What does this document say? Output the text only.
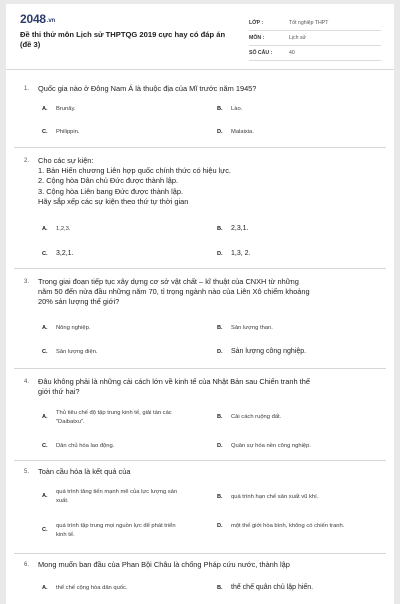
2048.vn
Đề thi thử môn Lịch sử THPTQG 2019 cực hay có đáp án (đề 3)
LỚP :	Tốt nghiệp THPT
MÔN :	Lịch sử
SỐ CÂU :	40
1. Quốc gia nào ở Đông Nam Á là thuộc địa của Mĩ trước năm 1945?
A.	Brunây.	B.	Lào.
C.	Philippin.	D.	Malaixia.
2. Cho các sự kiện:
1. Bản Hiến chương Liên hợp quốc chính thức có hiệu lực.
2. Cộng hòa Dân chủ Đức được thành lập.
3. Cộng hòa Liên bang Đức được thành lập.
Hãy sắp xếp các sự kiện theo thứ tự thời gian
A.	1,2,3.	B.	2,3,1.
C.	3,2,1.	D.	1,3, 2.
3. Trong giai đoạn tiếp tục xây dựng cơ sở vật chất – kĩ thuật của CNXH từ những
năm 50 đến nửa đầu những năm 70, tỉ trọng ngành nào của Liên Xô chiếm khoảng
20% sản lượng thế giới?
A.	Nông nghiệp.	B.	Sản lượng than.
C.	Sản lượng điện.	D.	Sản lượng công nghiệp.
4. Đâu không phải là những cải cách lớn về kinh tế của Nhật Bản sau Chiến tranh thế
giới thứ hai?
A.
Thủ tiêu chế độ tập trung kinh tế, giải tán các "Daibatxu".
B.	Cải cách ruộng đất.
C.	Dân chủ hóa lao động.	D.	Quân sự hóa nền công nghiệp.
5. Toàn cầu hóa là kết quả của
A.
quá trình tăng tiến mạnh mẽ của lực lượng sản xuất.
B.	quá trình hạn chế sản xuất vũ khí.
C.
quá trình tập trung mọi nguồn lực để phát triển kinh tế.
D.	một thế giới hòa bình, không có chiến tranh.
6. Mong muốn ban đầu của Phan Bội Châu là chống Pháp cứu nước, thành lập
A.	thể chế cộng hòa dân quốc.	B.	thể chế quân chủ lập hiến.
